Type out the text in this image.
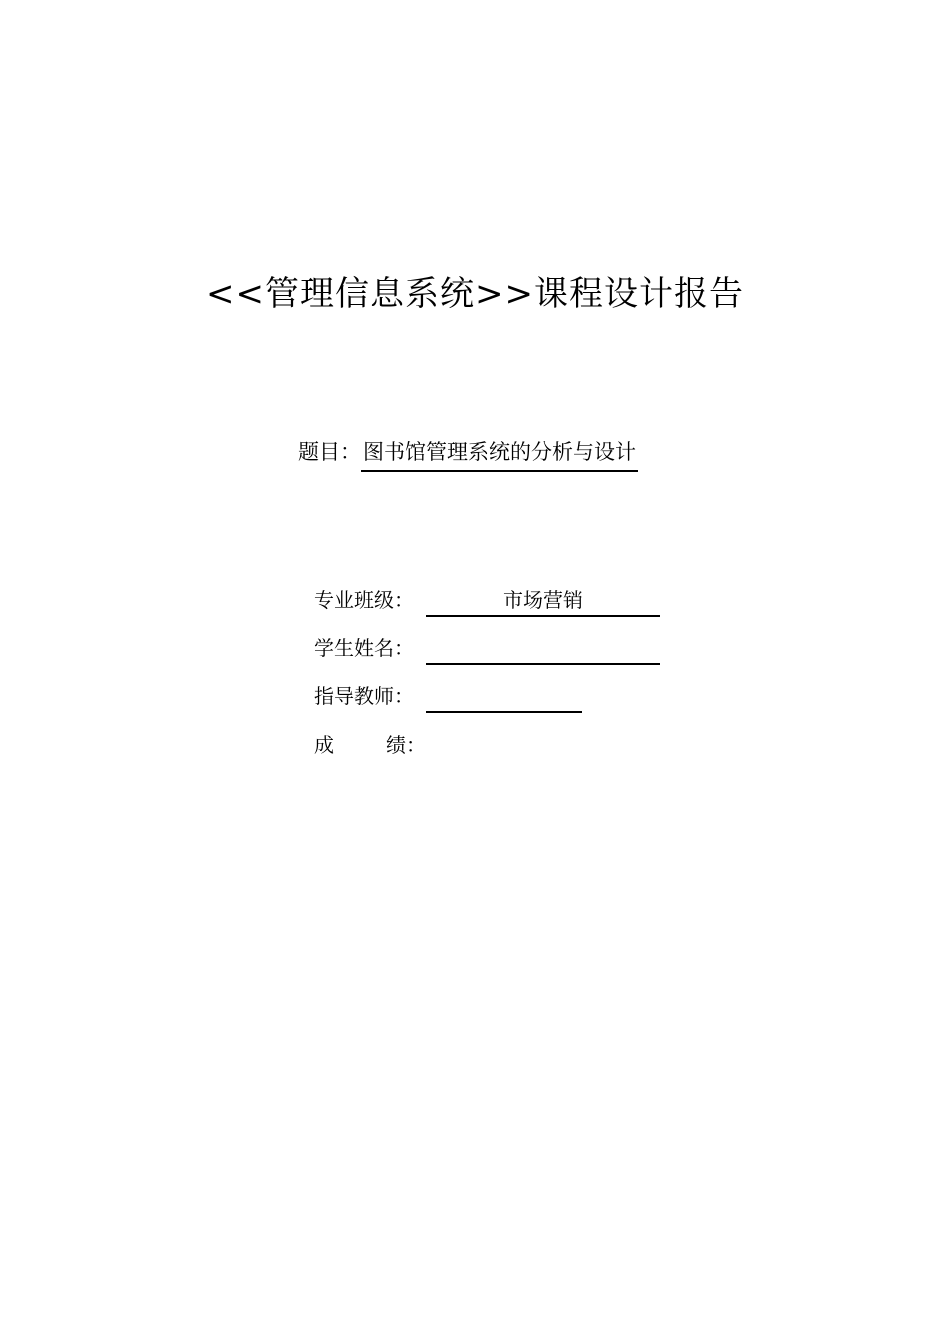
<<管理信息系统>>课程设计报告
题目：图书馆管理系统的分析与设计
专业班级：	市场营销
学生姓名：
指导教师：
成	绩：
